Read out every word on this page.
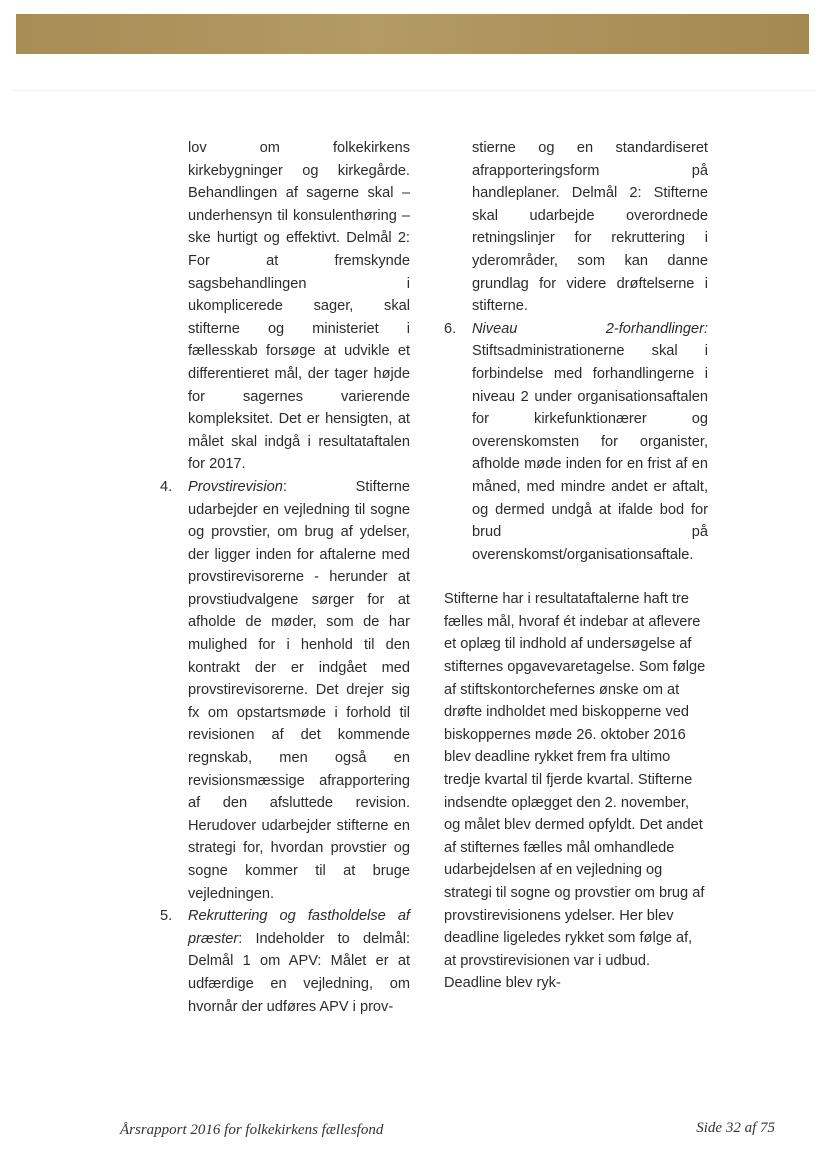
lov om folkekirkens kirkebygninger og kirkegårde. Behandlingen af sagerne skal – underhensyn til konsulenthøring – ske hurtigt og effektivt. Delmål 2: For at fremskynde sagsbehandlingen i ukomplicerede sager, skal stifterne og ministeriet i fællesskab forsøge at udvikle et differentieret mål, der tager højde for sagernes varierende kompleksitet. Det er hensigten, at målet skal indgå i resultataftalen for 2017.

4.	Provstirevision: Stifterne udarbejder en vejledning til sogne og provstier, om brug af ydelser, der ligger inden for aftalerne med provstirevisorerne - herunder at provstiudvalgene sørger for at afholde de møder, som de har mulighed for i henhold til den kontrakt der er indgået med provstirevisorerne. Det drejer sig fx om opstartsmøde i forhold til revisionen af det kommende regnskab, men også en revisionsmæssige afrapportering af den afsluttede revision. Herudover udarbejder stifterne en strategi for, hvordan provstier og sogne kommer til at bruge vejledningen.
5.	Rekruttering og fastholdelse af præster: Indeholder to delmål: Delmål 1 om APV: Målet er at udfærdige en vejledning, om hvornår der udføres APV i prov-

stierne og en standardiseret afrapporteringsform på handleplaner. Delmål 2: Stifterne skal udarbejde overordnede retningslinjer for rekruttering i yderområder, som kan danne grundlag for videre drøftelserne i stifterne.

6.	Niveau 2-forhandlinger: Stiftsadministrationerne skal i forbindelse med forhandlingerne i niveau 2 under organisationsaftalen for kirkefunktionærer og overenskomsten for organister, afholde møde inden for en frist af en måned, med mindre andet er aftalt, og dermed undgå at ifalde bod for brud på overenskomst/organisationsaftale.

Stifterne har i resultataftalerne haft tre fælles mål, hvoraf ét indebar at aflevere et oplæg til indhold af undersøgelse af stifternes opgavevaretagelse. Som følge af stiftskontorchefernes ønske om at drøfte indholdet med biskopperne ved biskoppernes møde 26. oktober 2016 blev deadline rykket frem fra ultimo tredje kvartal til fjerde kvartal. Stifterne indsendte oplægget den 2. november, og målet blev dermed opfyldt. Det andet af stifternes fælles mål omhandlede udarbejdelsen af en vejledning og strategi til sogne og provstier om brug af provstirevisionens ydelser. Her blev deadline ligeledes rykket som følge af, at provstirevisionen var i udbud. Deadline blev ryk-

Årsrapport 2016 for folkekirkens fællesfond	Side 32 af 75
